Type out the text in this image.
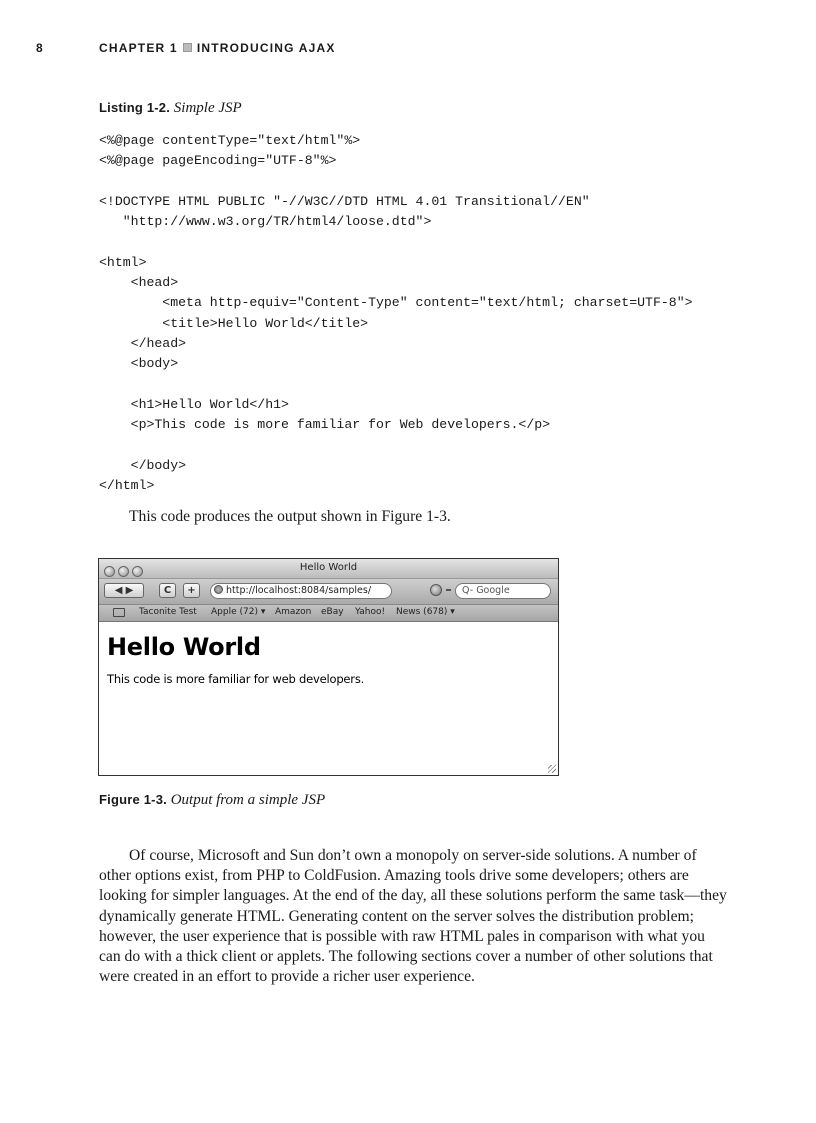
8	CHAPTER 1 INTRODUCING AJAX
Listing 1-2. Simple JSP
<%@page contentType="text/html"%>
<%@page pageEncoding="UTF-8"%>

<!DOCTYPE HTML PUBLIC "-//W3C//DTD HTML 4.01 Transitional//EN"
"http://www.w3.org/TR/html4/loose.dtd">

<html>
<head>
<meta http-equiv="Content-Type" content="text/html; charset=UTF-8">
<title>Hello World</title>
</head>
<body>

<h1>Hello World</h1>
<p>This code is more familiar for Web developers.</p>

</body>
</html>

This code produces the output shown in Figure 1-3.

Hello World
◀ ▶	C	+	http://localhost:8084/samples/	Q- Google
Taconite Test Apple (72) ▾ Amazon eBay Yahoo! News (678) ▾
Hello World

This code is more familiar for web developers.

Figure 1-3. Output from a simple JSP

Of course, Microsoft and Sun don’t own a monopoly on server-side solutions. A number of other options exist, from PHP to ColdFusion. Amazing tools drive some developers; others are looking for simpler languages. At the end of the day, all these solutions perform the same task—they dynamically generate HTML. Generating content on the server solves the distribution problem; however, the user experience that is possible with raw HTML pales in comparison with what you can do with a thick client or applets. The following sections cover a number of other solutions that were created in an effort to provide a richer user experience.
